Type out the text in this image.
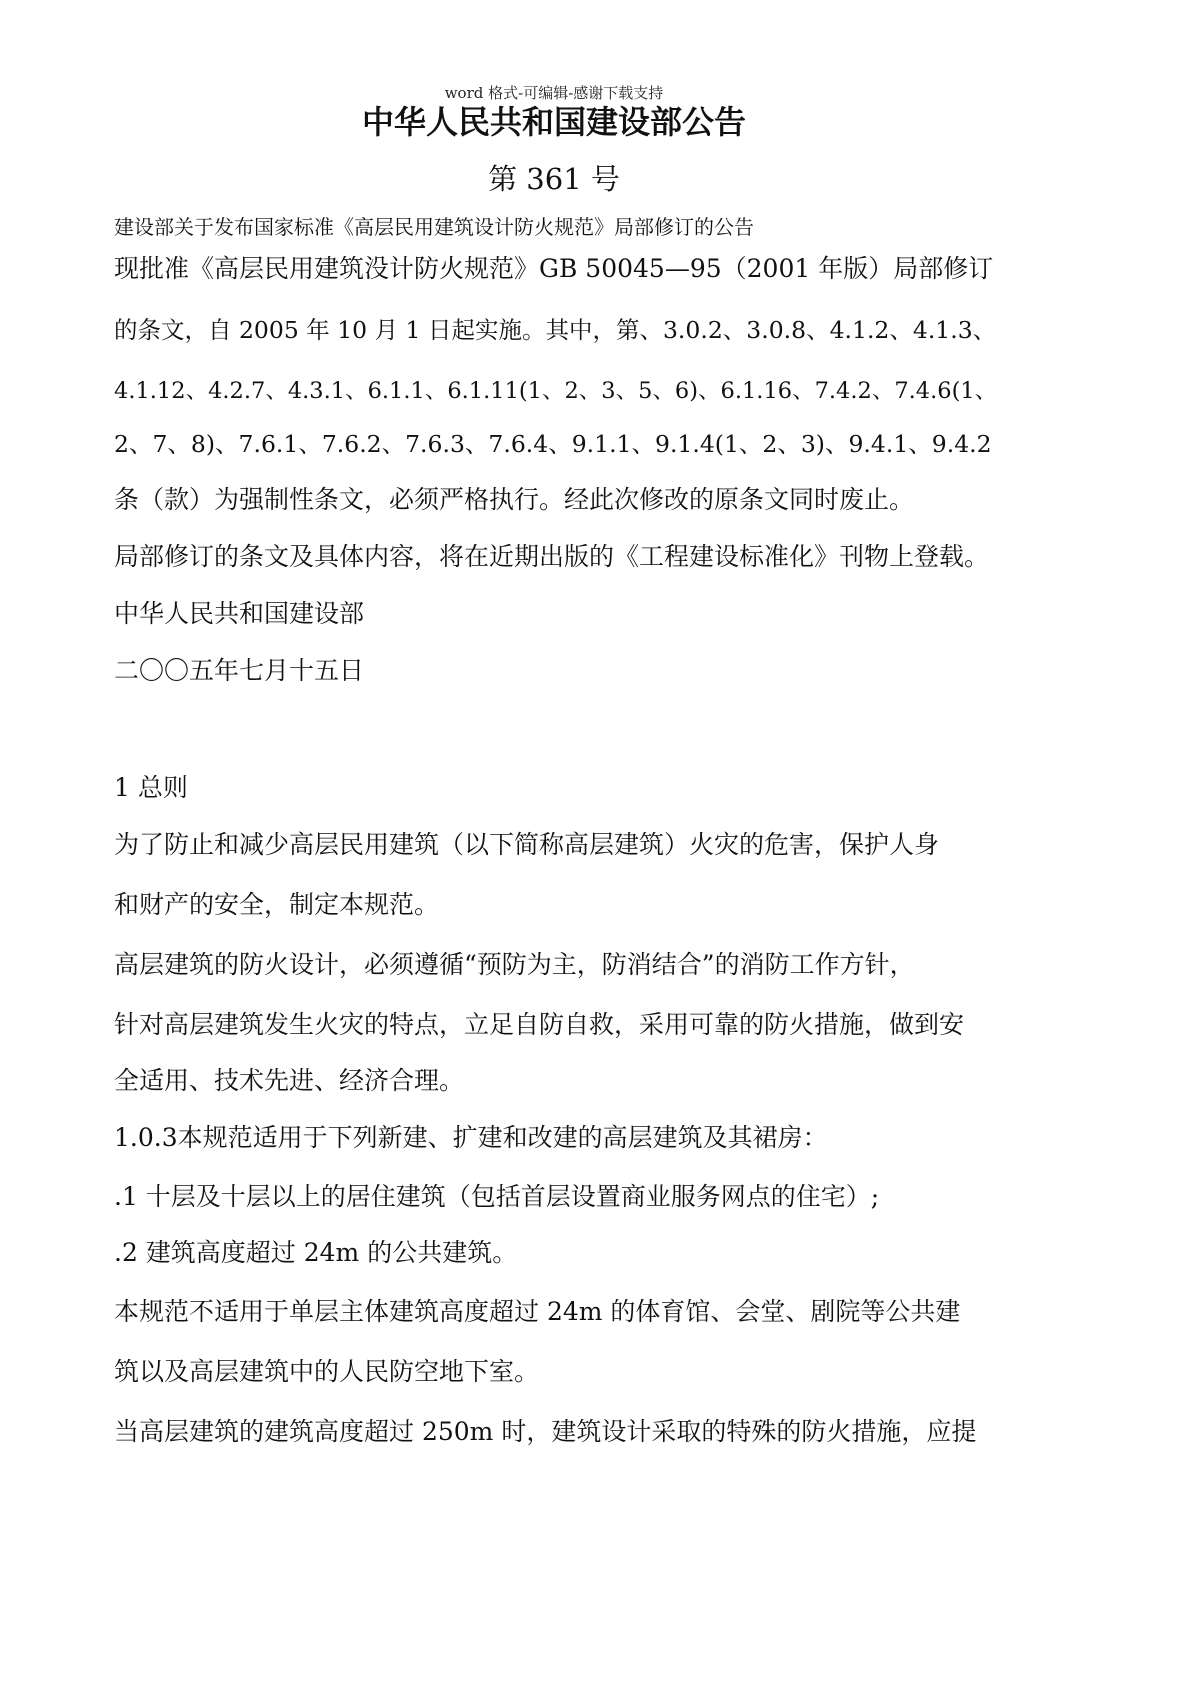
word 格式-可编辑-感谢下载支持

中华人民共和国建设部公告

第 361 号

建设部关于发布国家标准《高层民用建筑设计防火规范》局部修订的公告

现批准《高层民用建筑没计防火规范》GB 50045—95（2001 年版）局部修订

的条文，自 2005 年 10 月 1 日起实施。其中，第、3.0.2、3.0.8、4.1.2、4.1.3、

4.1.12、4.2.7、4.3.1、6.1.1、6.1.11(1、2、3、5、6)、6.1.16、7.4.2、7.4.6(1、

2、7、8)、7.6.1、7.6.2、7.6.3、7.6.4、9.1.1、9.1.4(1、2、3)、9.4.1、9.4.2

条（款）为强制性条文，必须严格执行。经此次修改的原条文同时废止。

局部修订的条文及具体内容，将在近期出版的《工程建设标准化》刊物上登载。

中华人民共和国建设部

二〇〇五年七月十五日

1 总则

为了防止和减少高层民用建筑（以下简称高层建筑）火灾的危害，保护人身

和财产的安全，制定本规范。

高层建筑的防火设计，必须遵循“预防为主，防消结合”的消防工作方针，

针对高层建筑发生火灾的特点，立足自防自救，采用可靠的防火措施，做到安

全适用、技术先进、经济合理。

1.0.3本规范适用于下列新建、扩建和改建的高层建筑及其裙房：

.1 十层及十层以上的居住建筑（包括首层设置商业服务网点的住宅）;

.2 建筑高度超过 24m 的公共建筑。

本规范不适用于单层主体建筑高度超过 24m 的体育馆、会堂、剧院等公共建

筑以及高层建筑中的人民防空地下室。

当高层建筑的建筑高度超过 250m 时，建筑设计采取的特殊的防火措施，应提
